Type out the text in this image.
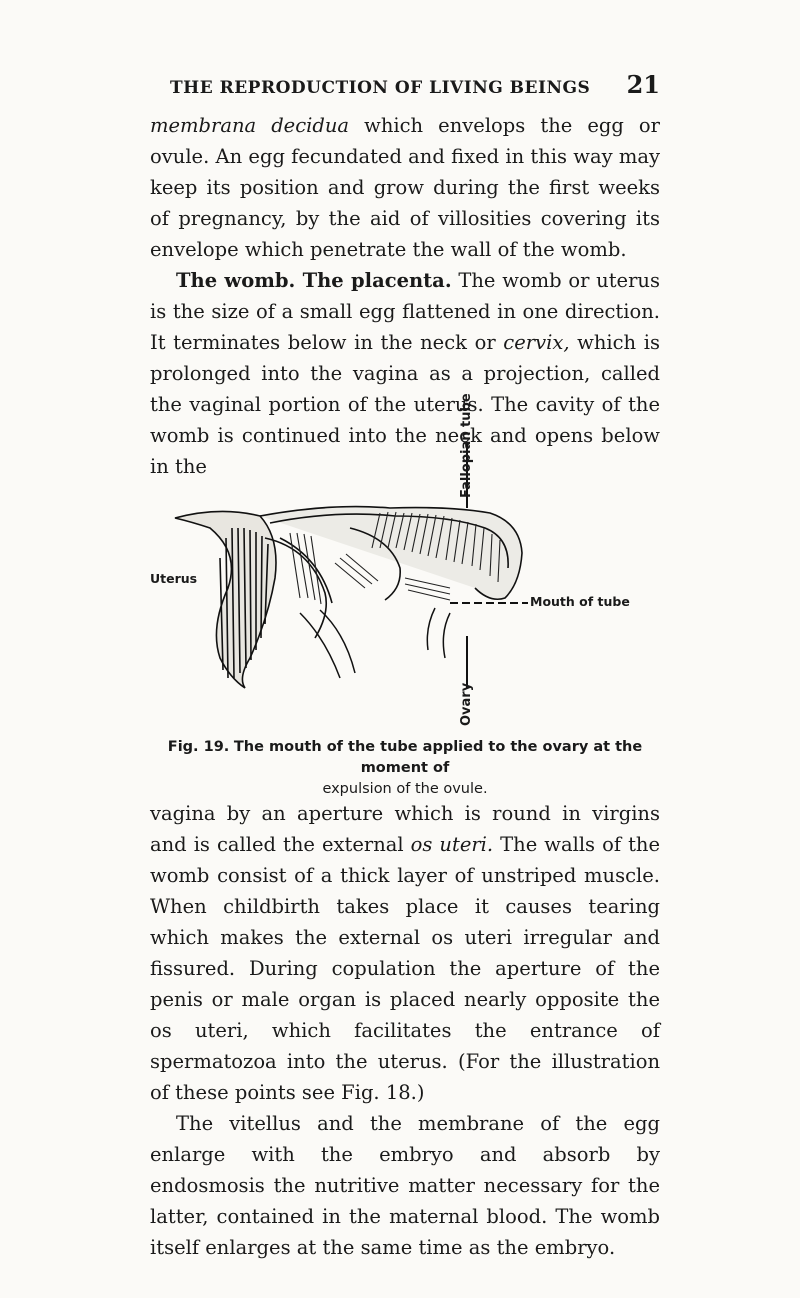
THE REPRODUCTION OF LIVING BEINGS 21

membrana decidua which envelops the egg or ovule. An egg fecundated and fixed in this way may keep its position and grow during the first weeks of pregnancy, by the aid of villosities covering its envelope which penetrate the wall of the womb.

The womb. The placenta. The womb or uterus is the size of a small egg flattened in one direction. It terminates below in the neck or cervix, which is prolonged into the vagina as a projection, called the vaginal portion of the uterus. The cavity of the womb is continued into the neck and opens below in the	Fallopian tube
Uterus
Mouth of tube
Ovary
Fig. 19. The mouth of the tube applied to the ovary at the moment of
expulsion of the ovule.

vagina by an aperture which is round in virgins and is called the external os uteri. The walls of the womb consist of a thick layer of unstriped muscle. When childbirth takes place it causes tearing which makes the external os uteri irregular and fissured. During copulation the aperture of the penis or male organ is placed nearly opposite the os uteri, which facilitates the entrance of spermatozoa into the uterus. (For the illustration of these points see Fig. 18.)

The vitellus and the membrane of the egg enlarge with the embryo and absorb by endosmosis the nutritive matter necessary for the latter, contained in the maternal blood. The womb itself enlarges at the same time as the embryo.
